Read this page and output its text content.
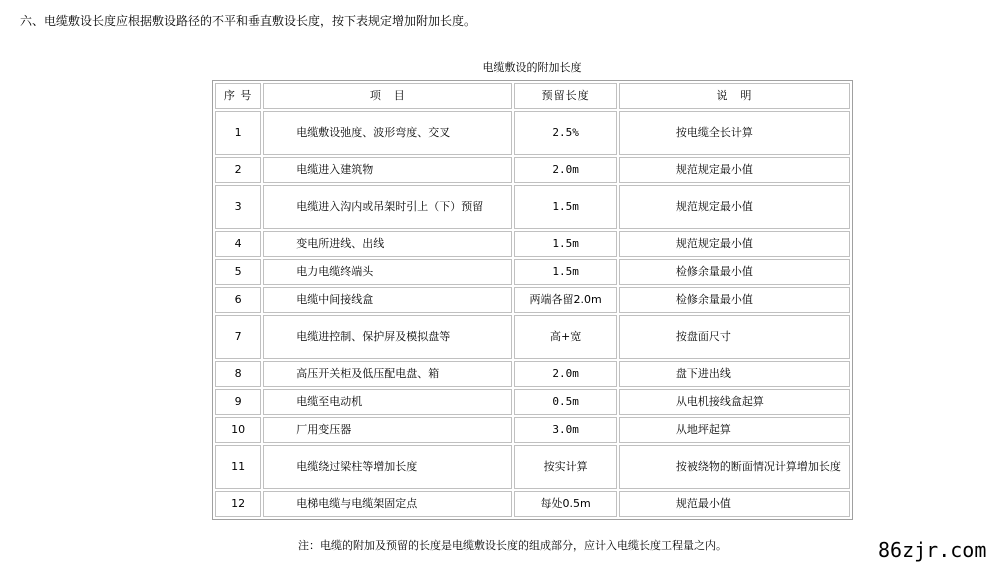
六、电缆敷设长度应根据敷设路径的不平和垂直敷设长度，按下表规定增加附加长度。
电缆敷设的附加长度
序 号	项　目	预留长度	说　明
1	电缆敷设弛度、波形弯度、交叉	2.5%	按电缆全长计算

2	电缆进入建筑物	2.0m	规范规定最小值

3	电缆进入沟内或吊架时引上（下）预留	1.5m	规范规定最小值

4	变电所进线、出线	1.5m	规范规定最小值

5	电力电缆终端头	1.5m	检修余量最小值

6	电缆中间接线盒	两端各留2.0m	检修余量最小值

7	电缆进控制、保护屏及模拟盘等	高+宽	按盘面尺寸

8	高压开关柜及低压配电盘、箱	2.0m	盘下进出线

9	电缆至电动机	0.5m	从电机接线盒起算

10	厂用变压器	3.0m	从地坪起算

11	电缆绕过梁柱等增加长度	按实计算	按被绕物的断面情况计算增加长度

12	电梯电缆与电缆架固定点	每处0.5m	规范最小值
注：电缆的附加及预留的长度是电缆敷设长度的组成部分，应计入电缆长度工程量之内。	86zjr.com
